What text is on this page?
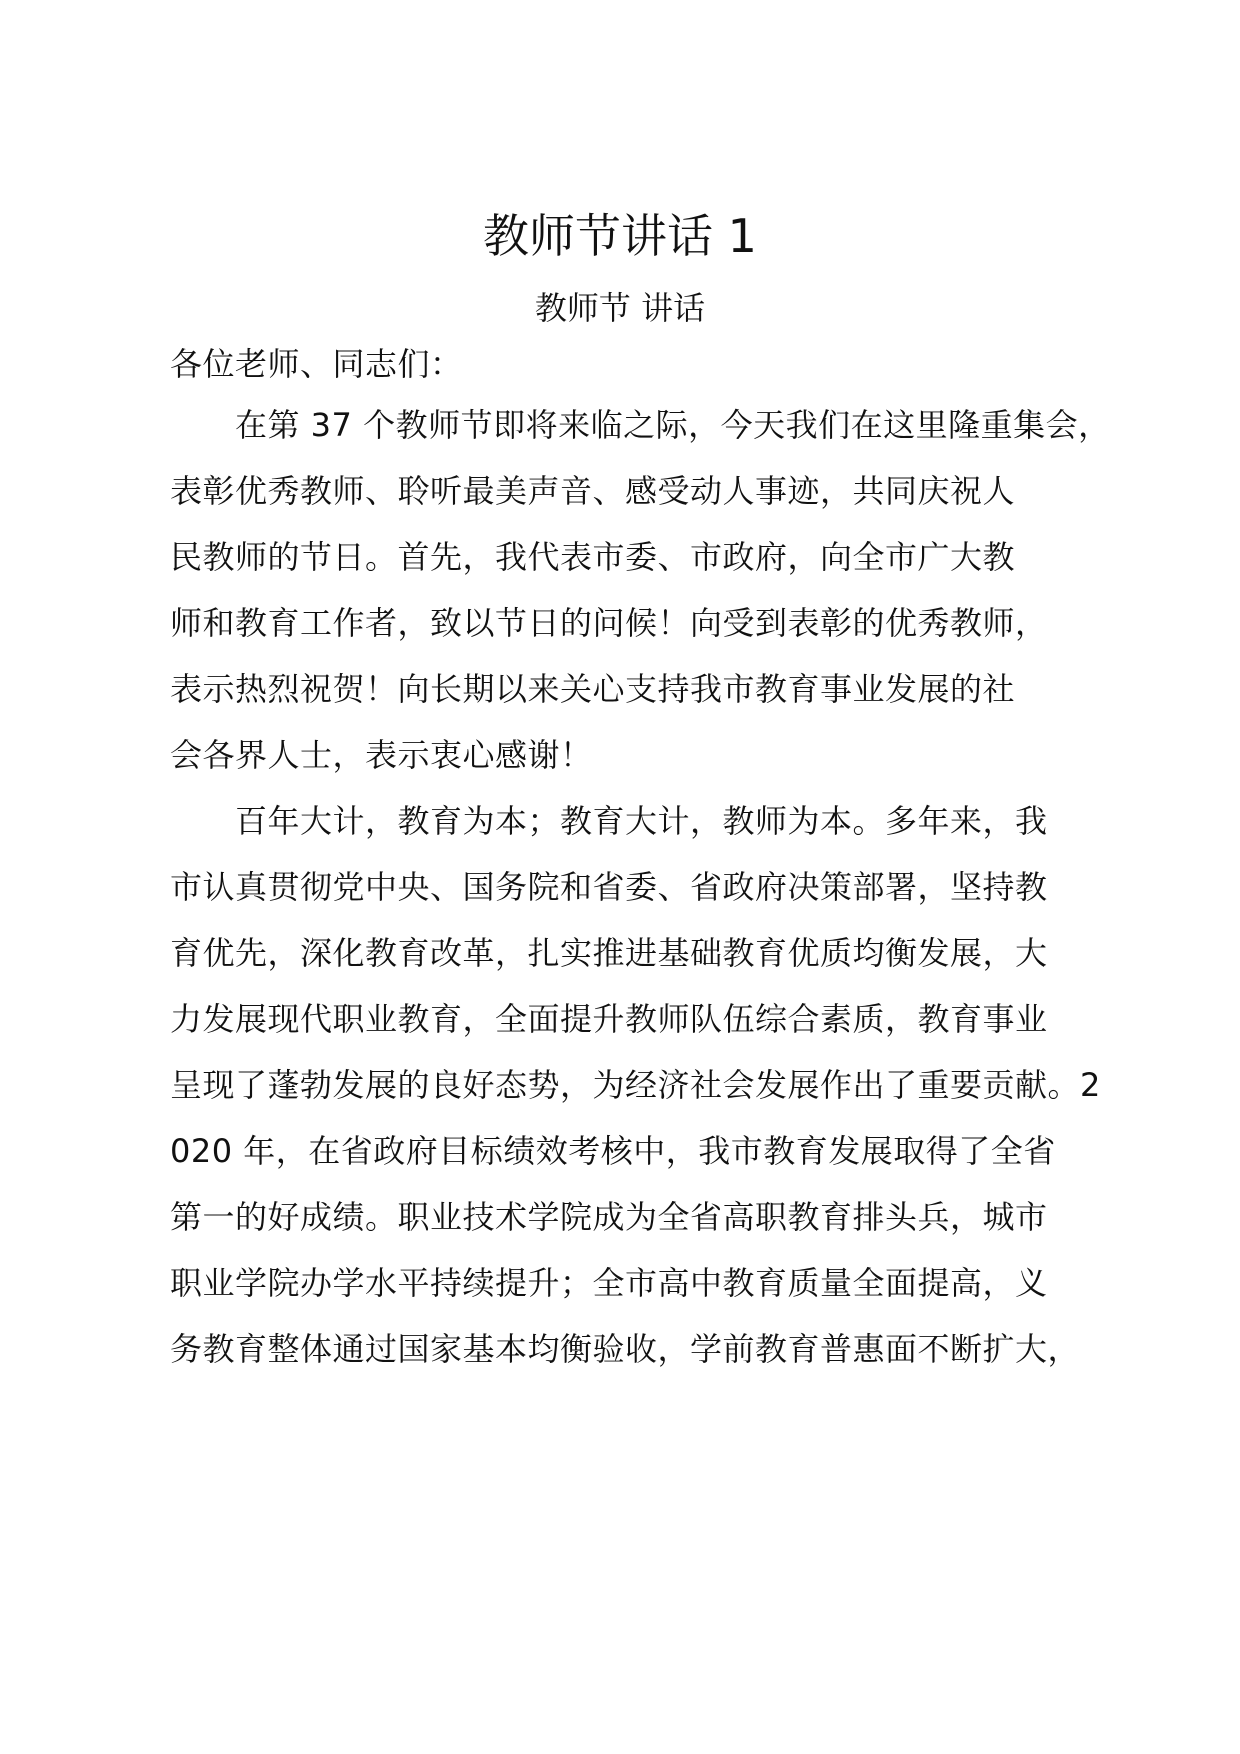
教师节讲话 1
教师节 讲话
各位老师、同志们：
　　在第 37 个教师节即将来临之际，今天我们在这里隆重集会，
表彰优秀教师、聆听最美声音、感受动人事迹，共同庆祝人
民教师的节日。首先，我代表市委、市政府，向全市广大教
师和教育工作者，致以节日的问候！向受到表彰的优秀教师，
表示热烈祝贺！向长期以来关心支持我市教育事业发展的社
会各界人士，表示衷心感谢！
　　百年大计，教育为本；教育大计，教师为本。多年来，我
市认真贯彻党中央、国务院和省委、省政府决策部署，坚持教
育优先，深化教育改革，扎实推进基础教育优质均衡发展，大
力发展现代职业教育，全面提升教师队伍综合素质，教育事业
呈现了蓬勃发展的良好态势，为经济社会发展作出了重要贡献。2
020 年，在省政府目标绩效考核中，我市教育发展取得了全省
第一的好成绩。职业技术学院成为全省高职教育排头兵，城市
职业学院办学水平持续提升；全市高中教育质量全面提高，义
务教育整体通过国家基本均衡验收，学前教育普惠面不断扩大，
